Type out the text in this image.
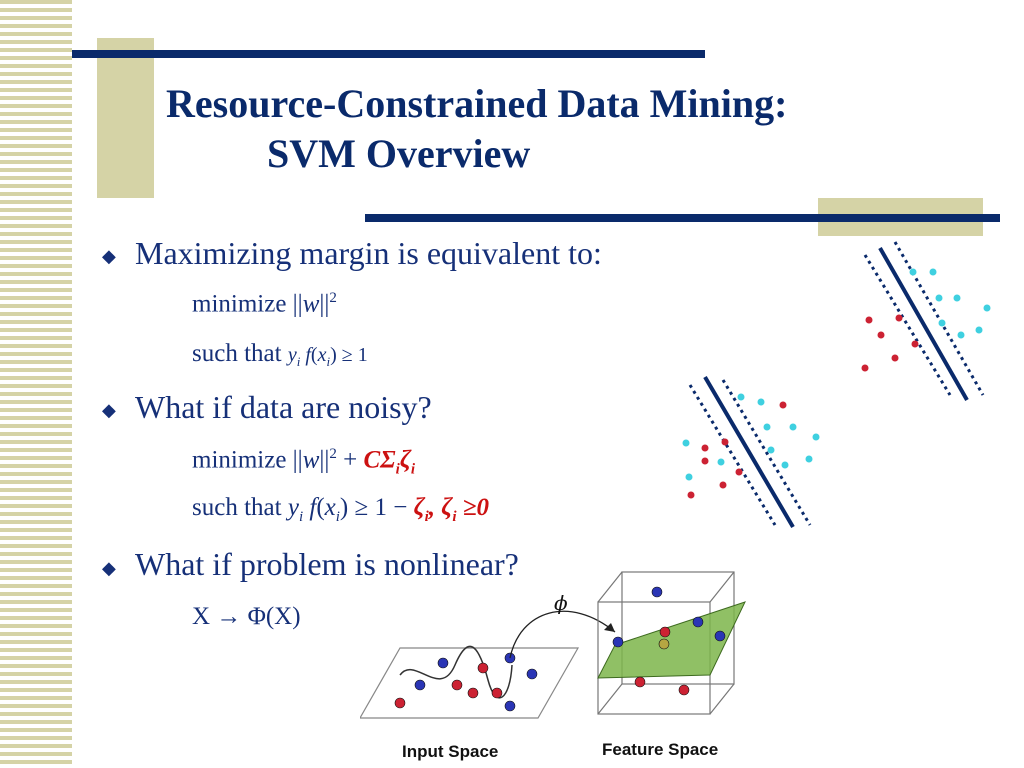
Resource-Constrained Data Mining:
SVM Overview
◆ Maximizing margin is equivalent to:
minimize $||w||^2$
such that $y_i$ $f(x_i) \ge 1$
◆ What if data are noisy?
minimize $||w||^2 + C\Sigma_i\zeta_i$
such that $y_i$ $f(x_i) \ge 1 - \zeta_i$, $\zeta_i \ge 0$
◆ What if problem is nonlinear?
X → Φ(X)	ϕ
Input Space	Feature Space
